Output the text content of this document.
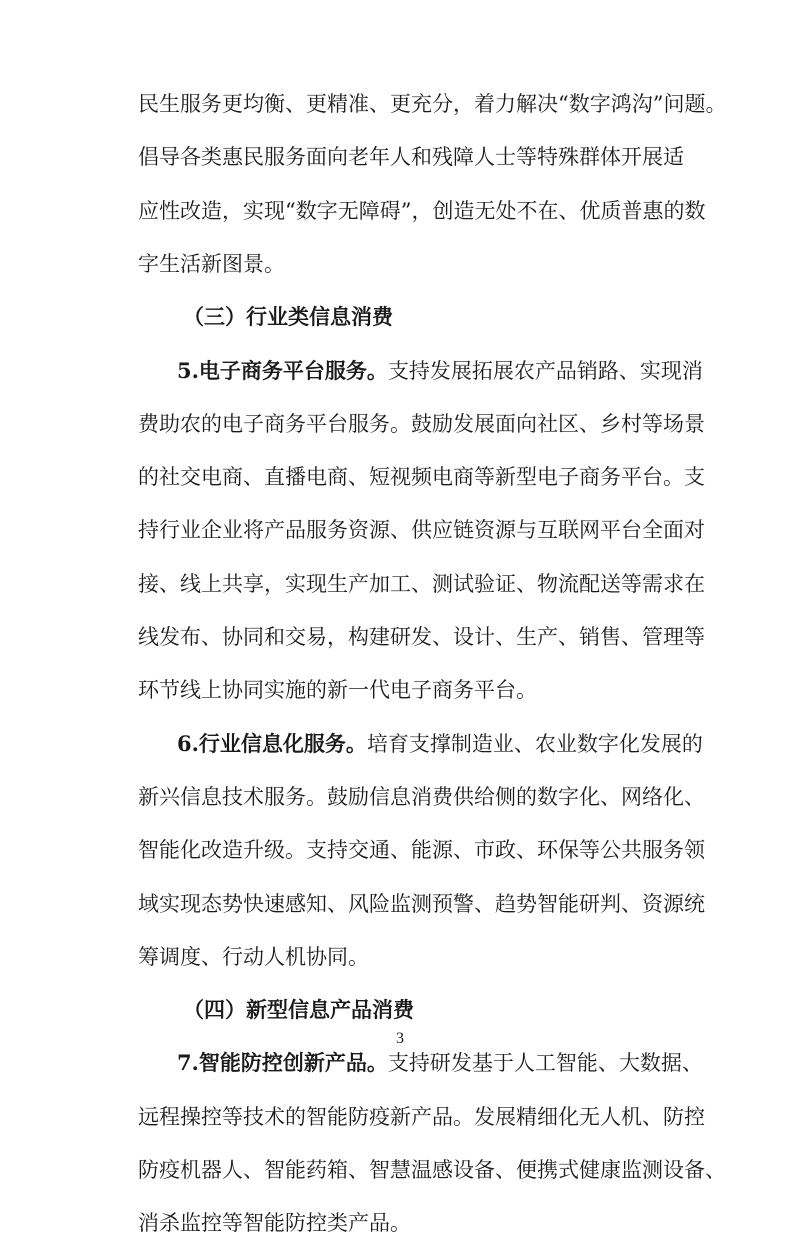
民生服务更均衡、更精准、更充分，着力解决“数字鸿沟”问题。
倡导各类惠民服务面向老年人和残障人士等特殊群体开展适
应性改造，实现“数字无障碍”，创造无处不在、优质普惠的数
字生活新图景。
（三）行业类信息消费
5.电子商务平台服务。支持发展拓展农产品销路、实现消
费助农的电子商务平台服务。鼓励发展面向社区、乡村等场景
的社交电商、直播电商、短视频电商等新型电子商务平台。支
持行业企业将产品服务资源、供应链资源与互联网平台全面对
接、线上共享，实现生产加工、测试验证、物流配送等需求在
线发布、协同和交易，构建研发、设计、生产、销售、管理等
环节线上协同实施的新一代电子商务平台。
6.行业信息化服务。培育支撑制造业、农业数字化发展的
新兴信息技术服务。鼓励信息消费供给侧的数字化、网络化、
智能化改造升级。支持交通、能源、市政、环保等公共服务领
域实现态势快速感知、风险监测预警、趋势智能研判、资源统
筹调度、行动人机协同。
（四）新型信息产品消费
7.智能防控创新产品。支持研发基于人工智能、大数据、
远程操控等技术的智能防疫新产品。发展精细化无人机、防控
防疫机器人、智能药箱、智慧温感设备、便携式健康监测设备、
消杀监控等智能防控类产品。
3
